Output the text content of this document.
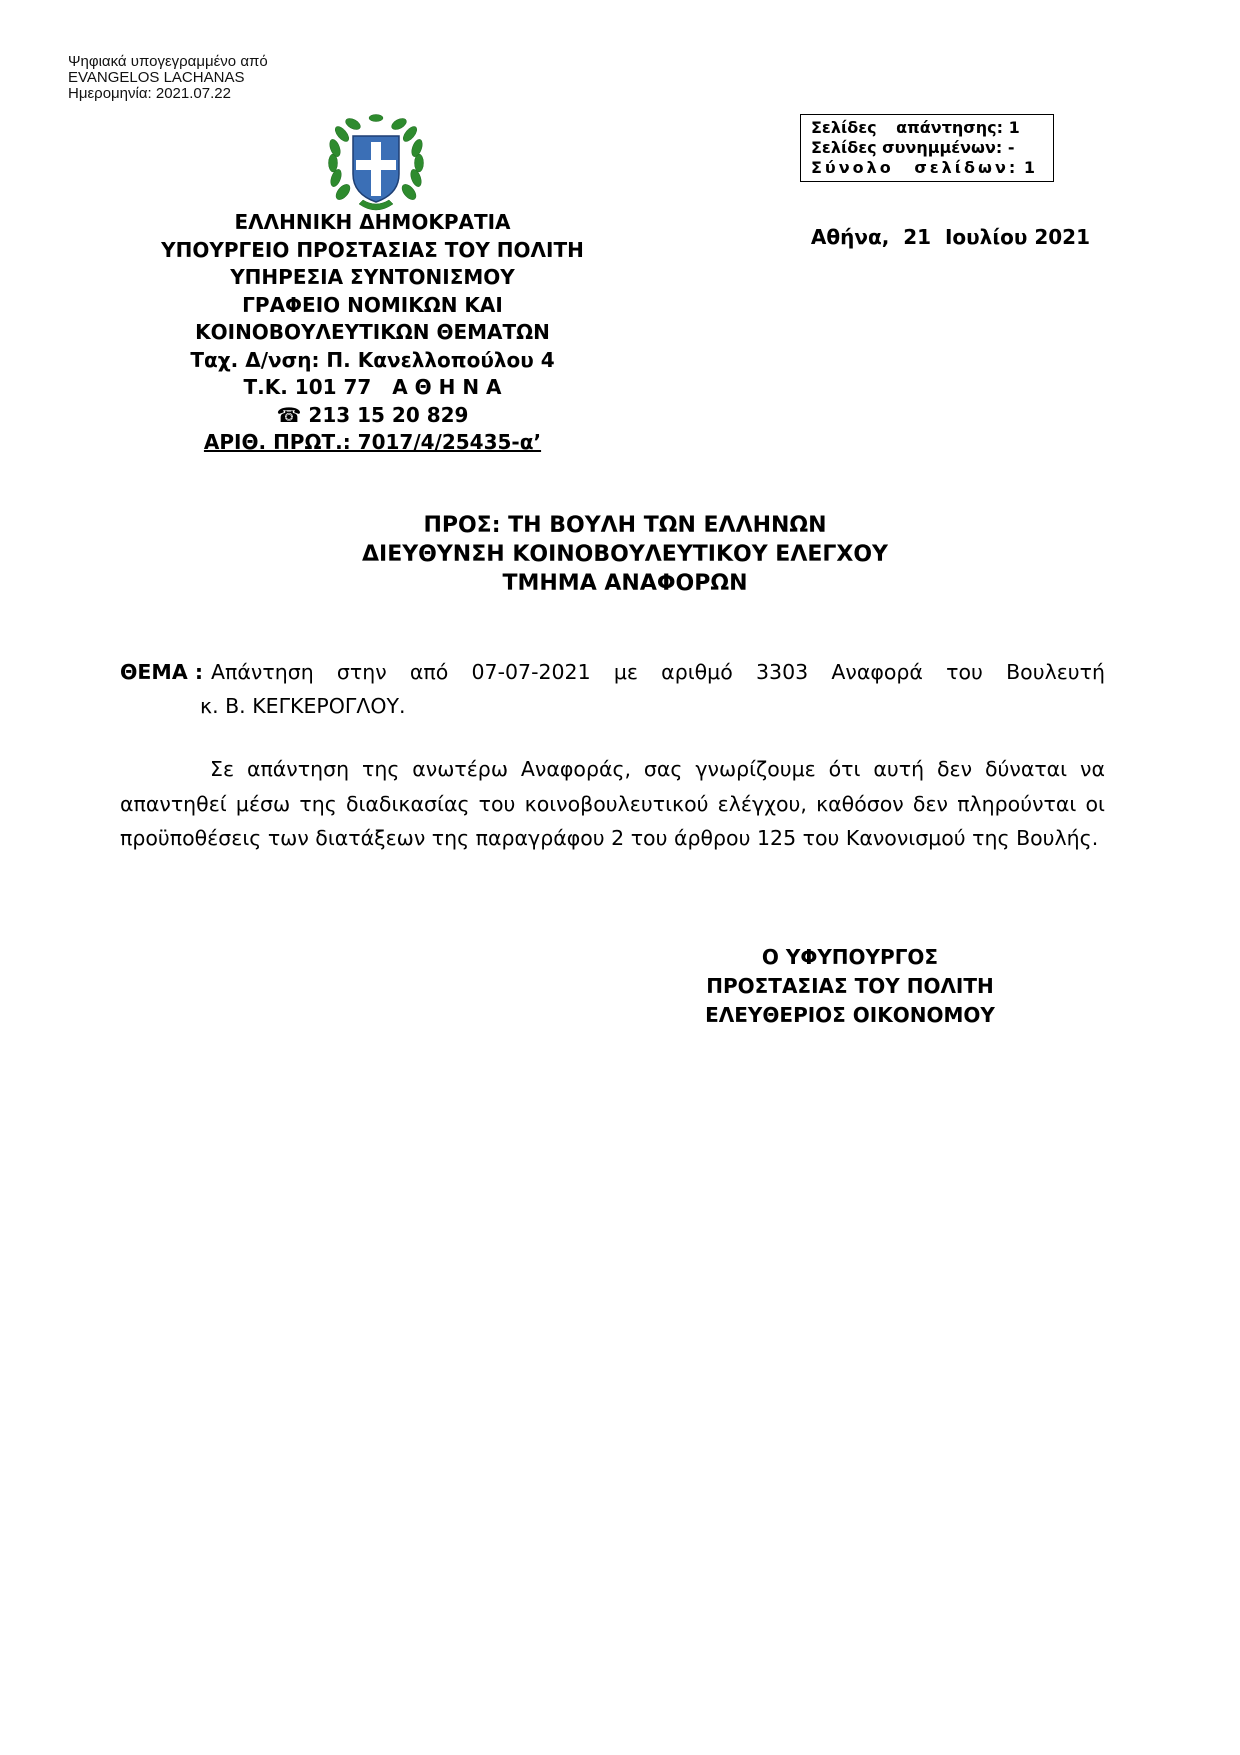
Ψηφιακά υπογεγραμμένο από
EVANGELOS LACHANAS
Ημερομηνία: 2021.07.22
Σελίδες απάντησης: 1
Σελίδες συνημμένων: -
Σύνολο σελίδων: 1
ΕΛΛΗΝΙΚΗ ΔΗΜΟΚΡΑΤΙΑ
ΥΠΟΥΡΓΕΙΟ ΠΡΟΣΤΑΣΙΑΣ ΤΟΥ ΠΟΛΙΤΗ
ΥΠΗΡΕΣΙΑ ΣΥΝΤΟΝΙΣΜΟΥ
ΓΡΑΦΕΙΟ ΝΟΜΙΚΩΝ ΚΑΙ
ΚΟΙΝΟΒΟΥΛΕΥΤΙΚΩΝ ΘΕΜΑΤΩΝ
Ταχ. Δ/νση: Π. Κανελλοπούλου 4
Τ.Κ. 101 77   Α Θ Η Ν Α
☎ 213 15 20 829
ΑΡΙΘ. ΠΡΩΤ.: 7017/4/25435-α’
Αθήνα,  21  Ιουλίου 2021
ΠΡΟΣ: ΤΗ ΒΟΥΛΗ ΤΩΝ ΕΛΛΗΝΩΝ
ΔΙΕΥΘΥΝΣΗ ΚΟΙΝΟΒΟΥΛΕΥΤΙΚΟΥ ΕΛΕΓΧΟΥ
ΤΜΗΜΑ ΑΝΑΦΟΡΩΝ
ΘΕΜΑ : Απάντηση στην από 07-07-2021 με αριθμό 3303 Αναφορά του Βουλευτή
κ. Β. ΚΕΓΚΕΡΟΓΛΟΥ.
Σε απάντηση της ανωτέρω Αναφοράς, σας γνωρίζουμε ότι αυτή δεν δύναται να απαντηθεί μέσω της διαδικασίας του κοινοβουλευτικού ελέγχου, καθόσον δεν πληρούνται οι προϋποθέσεις των διατάξεων της παραγράφου 2 του άρθρου 125 του Κανονισμού της Βουλής.
Ο ΥΦΥΠΟΥΡΓΟΣ
ΠΡΟΣΤΑΣΙΑΣ ΤΟΥ ΠΟΛΙΤΗ
ΕΛΕΥΘΕΡΙΟΣ ΟΙΚΟΝΟΜΟΥ
